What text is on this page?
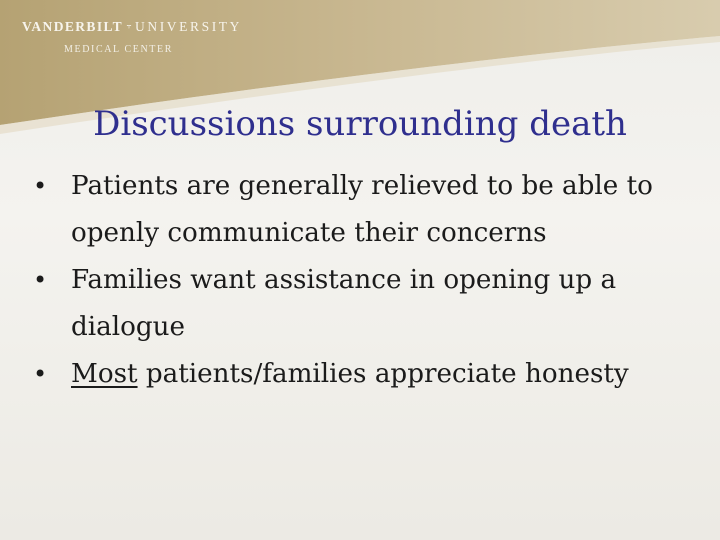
VANDERBILT UNIVERSITY
MEDICAL CENTER
Discussions surrounding death
• Patients are generally relieved to be able to openly communicate their concerns
• Families want assistance in opening up a dialogue
• Most patients/families appreciate honesty
